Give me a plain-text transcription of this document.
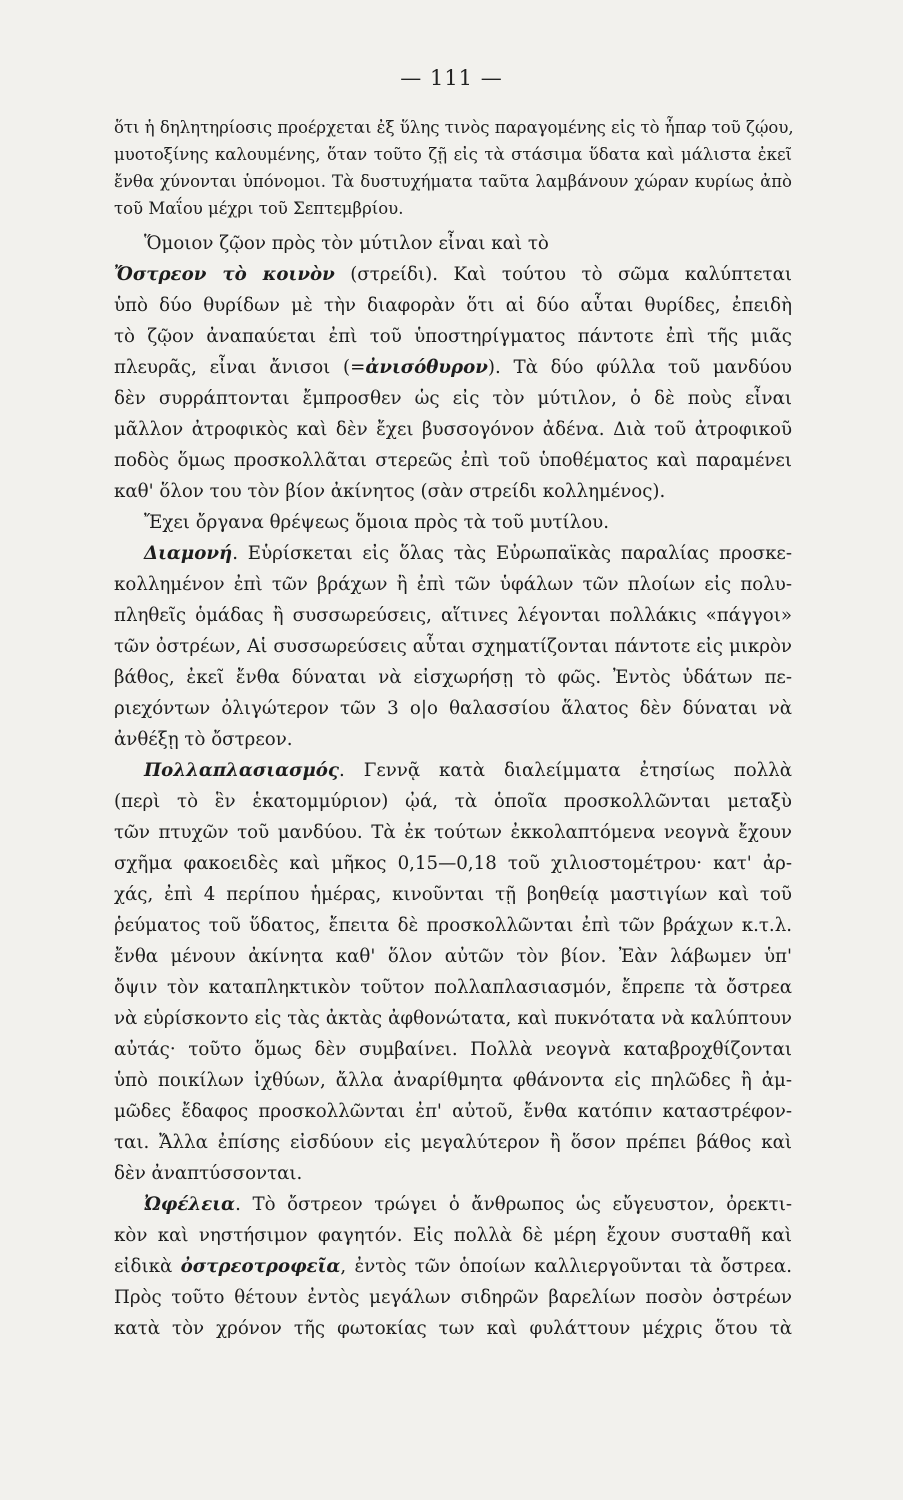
— 111 —
ὅτι ἡ δηλητηρίοσις προέρχεται ἐξ ὕλης τινὸς παραγομένης εἰς τὸ ἧπαρ τοῦ ζῴου,
μυοτοξίνης καλουμένης, ὅταν τοῦτο ζῇ εἰς τὰ στάσιμα ὕδατα καὶ μάλιστα ἐκεῖ
ἔνθα χύνονται ὑπόνομοι. Τὰ δυστυχήματα ταῦτα λαμβάνουν χώραν κυρίως ἀπὸ
τοῦ Μαΐου μέχρι τοῦ Σεπτεμβρίου.
Ὅμοιον ζῷον πρὸς τὸν μύτιλον εἶναι καὶ τὸ
Ὄστρεον τὸ κοινὸν (στρείδι). Καὶ τούτου τὸ σῶμα καλύπτεται
ὑπὸ δύο θυρίδων μὲ τὴν διαφορὰν ὅτι αἱ δύο αὗται θυρίδες, ἐπειδὴ
τὸ ζῷον ἀναπαύεται ἐπὶ τοῦ ὑποστηρίγματος πάντοτε ἐπὶ τῆς μιᾶς
πλευρᾶς, εἶναι ἄνισοι (=ἀνισόθυρον). Τὰ δύο φύλλα τοῦ μανδύου
δὲν συρράπτονται ἔμπροσθεν ὡς εἰς τὸν μύτιλον, ὁ δὲ ποὺς εἶναι
μᾶλλον ἀτροφικὸς καὶ δὲν ἔχει βυσσογόνον ἀδένα. Διὰ τοῦ ἀτροφικοῦ
ποδὸς ὅμως προσκολλᾶται στερεῶς ἐπὶ τοῦ ὑποθέματος καὶ παραμένει
καθ' ὅλον του τὸν βίον ἀκίνητος (σὰν στρείδι κολλημένος).
Ἔχει ὄργανα θρέψεως ὅμοια πρὸς τὰ τοῦ μυτίλου.
Διαμονή. Εὑρίσκεται εἰς ὅλας τὰς Εὐρωπαϊκὰς παραλίας προσκε-
κολλημένον ἐπὶ τῶν βράχων ἢ ἐπὶ τῶν ὑφάλων τῶν πλοίων εἰς πολυ-
πληθεῖς ὁμάδας ἢ συσσωρεύσεις, αἵτινες λέγονται πολλάκις «πάγγοι»
τῶν ὀστρέων, Αἱ συσσωρεύσεις αὗται σχηματίζονται πάντοτε εἰς μικρὸν
βάθος, ἐκεῖ ἔνθα δύναται νὰ εἰσχωρήσῃ τὸ φῶς. Ἐντὸς ὑδάτων πε-
ριεχόντων ὀλιγώτερον τῶν 3 ο|ο θαλασσίου ἅλατος δὲν δύναται νὰ
ἀνθέξῃ τὸ ὄστρεον.
Πολλαπλασιασμός. Γεννᾷ κατὰ διαλείμματα ἐτησίως πολλὰ
(περὶ τὸ ἓν ἑκατομμύριον) ᾠά, τὰ ὁποῖα προσκολλῶνται μεταξὺ
τῶν πτυχῶν τοῦ μανδύου. Τὰ ἐκ τούτων ἐκκολαπτόμενα νεογνὰ ἔχουν
σχῆμα φακοειδὲς καὶ μῆκος 0,15—0,18 τοῦ χιλιοστομέτρου· κατ' ἀρ-
χάς, ἐπὶ 4 περίπου ἡμέρας, κινοῦνται τῇ βοηθείᾳ μαστιγίων καὶ τοῦ
ῥεύματος τοῦ ὕδατος, ἔπειτα δὲ προσκολλῶνται ἐπὶ τῶν βράχων κ.τ.λ.
ἔνθα μένουν ἀκίνητα καθ' ὅλον αὐτῶν τὸν βίον. Ἐὰν λάβωμεν ὑπ'
ὄψιν τὸν καταπληκτικὸν τοῦτον πολλαπλασιασμόν, ἔπρεπε τὰ ὄστρεα
νὰ εὑρίσκοντο εἰς τὰς ἀκτὰς ἀφθονώτατα, καὶ πυκνότατα νὰ καλύπτουν
αὐτάς· τοῦτο ὅμως δὲν συμβαίνει. Πολλὰ νεογνὰ καταβροχθίζονται
ὑπὸ ποικίλων ἰχθύων, ἄλλα ἀναρίθμητα φθάνοντα εἰς πηλῶδες ἢ ἀμ-
μῶδες ἔδαφος προσκολλῶνται ἐπ' αὐτοῦ, ἔνθα κατόπιν καταστρέφον-
ται. Ἄλλα ἐπίσης εἰσδύουν εἰς μεγαλύτερον ἢ ὅσον πρέπει βάθος καὶ
δὲν ἀναπτύσσονται.
Ὠφέλεια. Τὸ ὄστρεον τρώγει ὁ ἄνθρωπος ὡς εὔγευστον, ὀρεκτι-
κὸν καὶ νηστήσιμον φαγητόν. Εἰς πολλὰ δὲ μέρη ἔχουν συσταθῆ καὶ
εἰδικὰ ὀστρεοτροφεῖα, ἐντὸς τῶν ὁποίων καλλιεργοῦνται τὰ ὄστρεα.
Πρὸς τοῦτο θέτουν ἐντὸς μεγάλων σιδηρῶν βαρελίων ποσὸν ὀστρέων
κατὰ τὸν χρόνον τῆς φωτοκίας των καὶ φυλάττουν μέχρις ὅτου τὰ
